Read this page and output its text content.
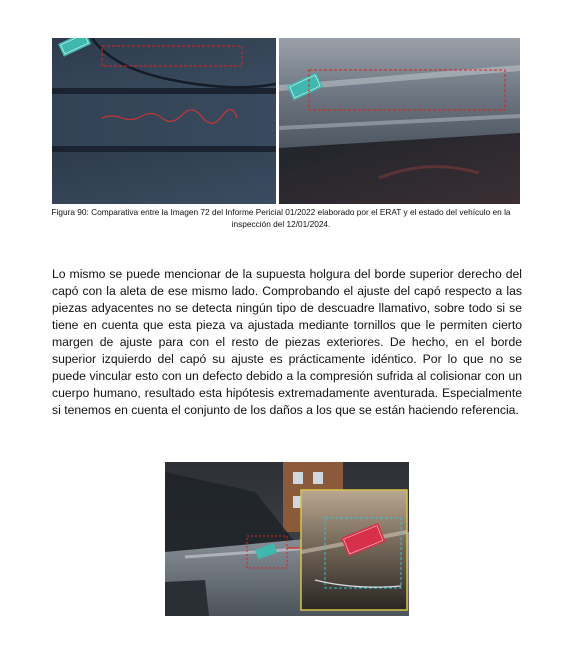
Figura 90: Comparativa entre la Imagen 72 del Informe Pericial 01/2022 elaborado por el ERAT y el estado del vehículo en la inspección del 12/01/2024.

Lo mismo se puede mencionar de la supuesta holgura del borde superior derecho del capó con la aleta de ese mismo lado. Comprobando el ajuste del capó respecto a las piezas adyacentes no se detecta ningún tipo de descuadre llamativo, sobre todo si se tiene en cuenta que esta pieza va ajustada mediante tornillos que le permiten cierto margen de ajuste para con el resto de piezas exteriores. De hecho, en el borde superior izquierdo del capó su ajuste es prácticamente idéntico. Por lo que no se puede vincular esto con un defecto debido a la compresión sufrida al colisionar con un cuerpo humano, resultado esta hipótesis extremadamente aventurada. Especialmente si tenemos en cuenta el conjunto de los daños a los que se están haciendo referencia.
